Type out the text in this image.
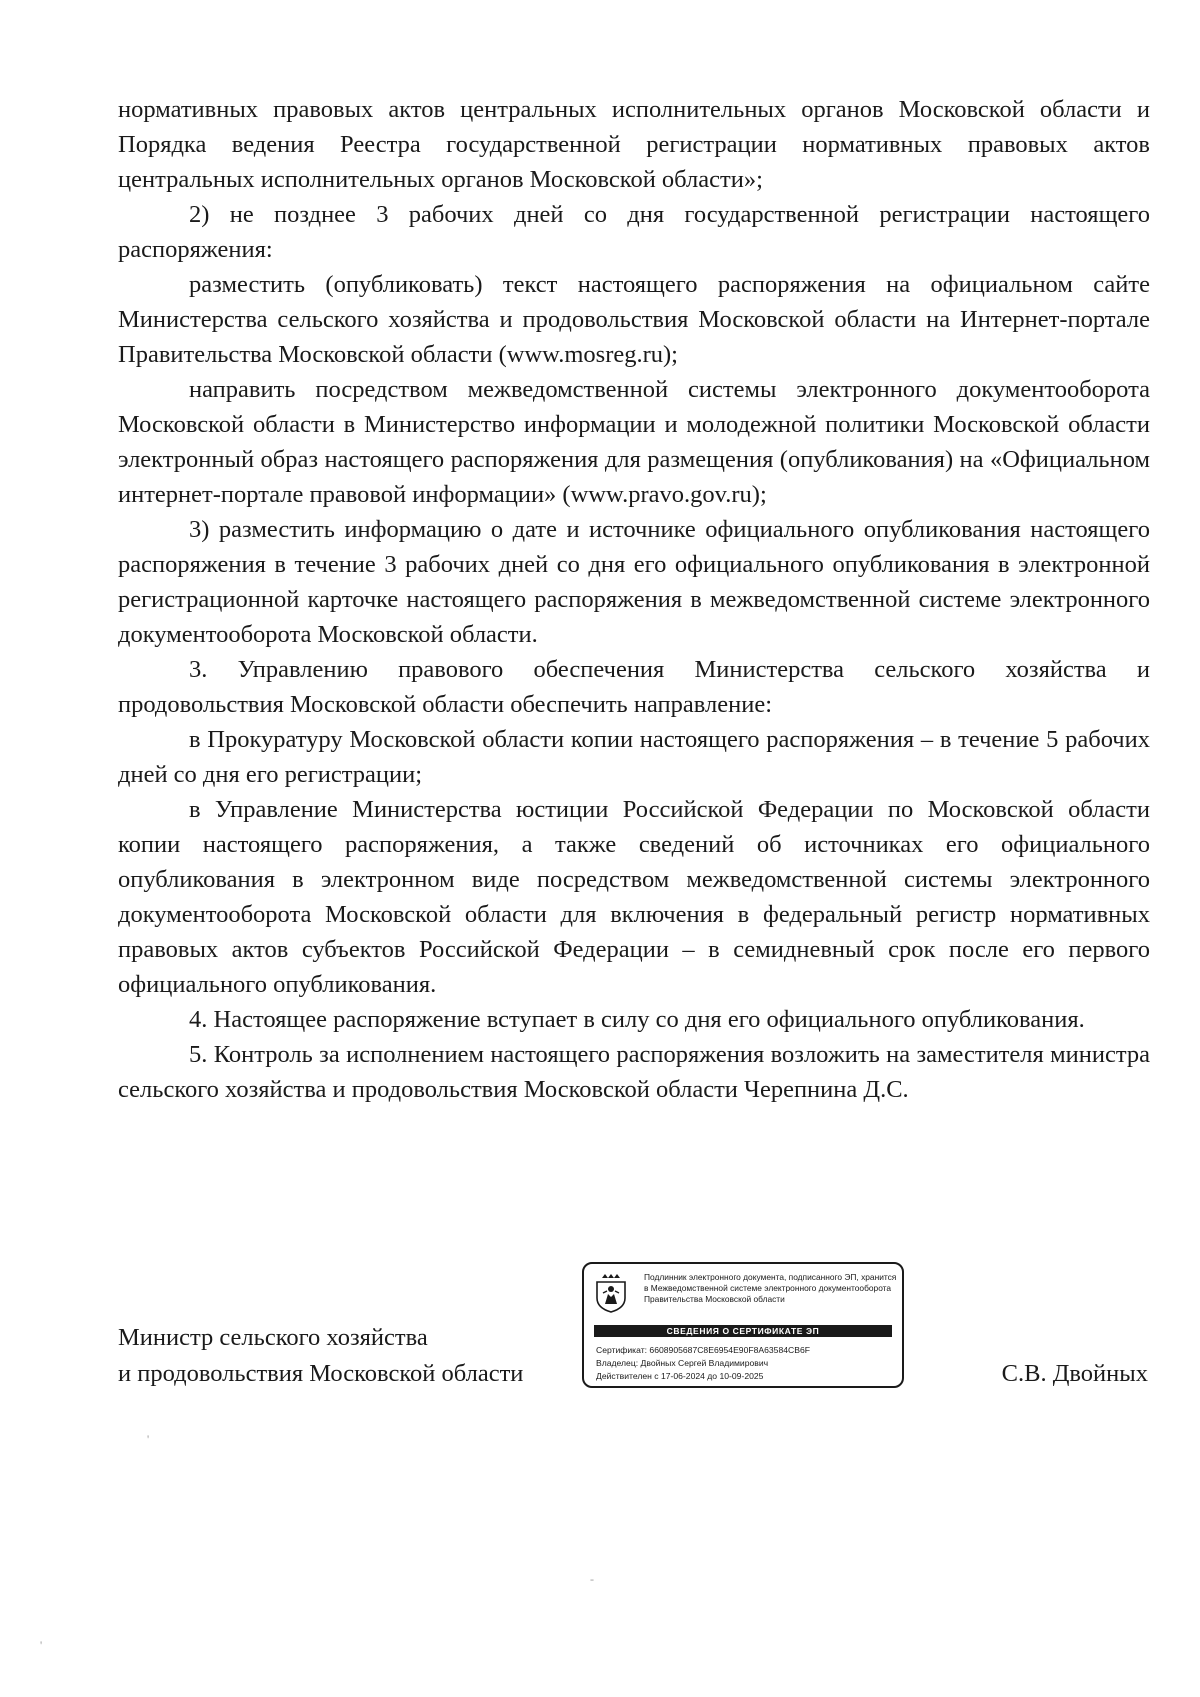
нормативных правовых актов центральных исполнительных органов Московской области и Порядка ведения Реестра государственной регистрации нормативных правовых актов центральных исполнительных органов Московской области»;

2) не позднее 3 рабочих дней со дня государственной регистрации настоящего распоряжения:

разместить (опубликовать) текст настоящего распоряжения на официальном сайте Министерства сельского хозяйства и продовольствия Московской области на Интернет-портале Правительства Московской области (www.mosreg.ru);

направить посредством межведомственной системы электронного документооборота Московской области в Министерство информации и молодежной политики Московской области электронный образ настоящего распоряжения для размещения (опубликования) на «Официальном интернет-портале правовой информации» (www.pravo.gov.ru);

3) разместить информацию о дате и источнике официального опубликования настоящего распоряжения в течение 3 рабочих дней со дня его официального опубликования в электронной регистрационной карточке настоящего распоряжения в межведомственной системе электронного документооборота Московской области.

3. Управлению правового обеспечения Министерства сельского хозяйства и продовольствия Московской области обеспечить направление:

в Прокуратуру Московской области копии настоящего распоряжения – в течение 5 рабочих дней со дня его регистрации;

в Управление Министерства юстиции Российской Федерации по Московской области копии настоящего распоряжения, а также сведений об источниках его официального опубликования в электронном виде посредством межведомственной системы электронного документооборота Московской области для включения в федеральный регистр нормативных правовых актов субъектов Российской Федерации – в семидневный срок после его первого официального опубликования.

4. Настоящее распоряжение вступает в силу со дня его официального опубликования.

5. Контроль за исполнением настоящего распоряжения возложить на заместителя министра сельского хозяйства и продовольствия Московской области Черепнина Д.С.

Министр сельского хозяйства
и продовольствия Московской области
Подлинник электронного документа, подписанного ЭП, хранится в Межведомственной системе электронного документооборота Правительства Московской области
СВЕДЕНИЯ О СЕРТИФИКАТЕ ЭП
Сертификат: 6608905687C8E6954E90F8A63584CB6F
Владелец: Двойных Сергей Владимирович
Действителен с 17-06-2024 до 10-09-2025	С.В. Двойных
'
-
'
